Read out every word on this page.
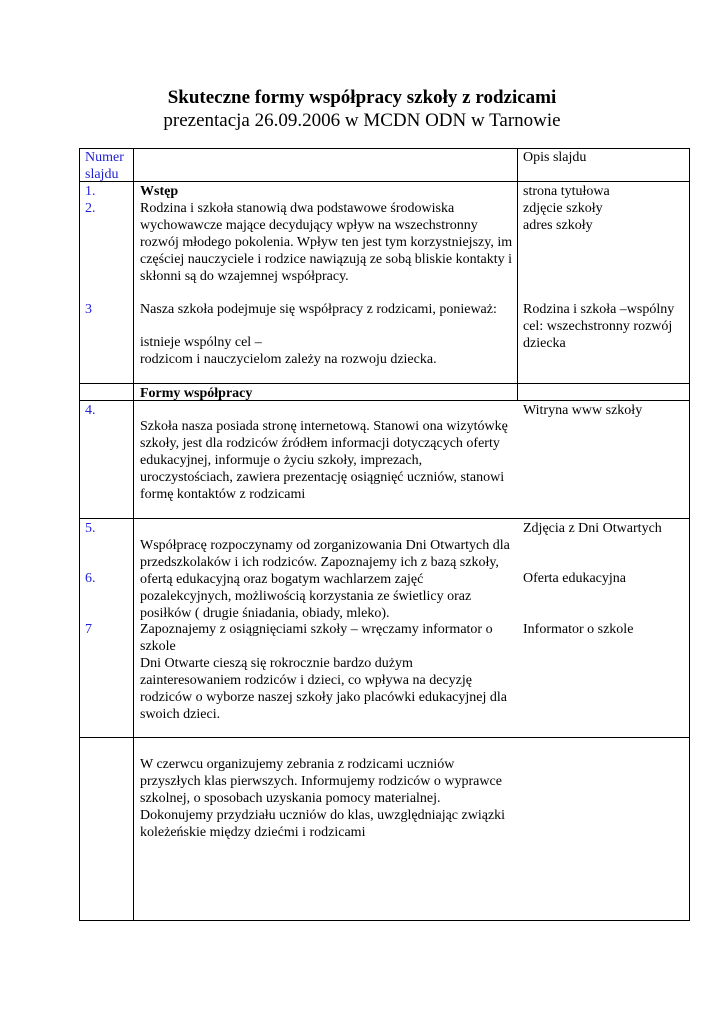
Skuteczne formy współpracy szkoły z rodzicami
prezentacja 26.09.2006 w MCDN ODN w Tarnowie
Numer slajdu
Opis slajdu
1.
2.
3
Wstęp
Rodzina i szkoła stanowią dwa podstawowe środowiska wychowawcze mające decydujący wpływ na wszechstronny rozwój młodego pokolenia. Wpływ ten jest tym korzystniejszy, im częściej nauczyciele i rodzice nawiązują ze sobą bliskie kontakty i skłonni są do wzajemnej współpracy.
Nasza szkoła podejmuje się współpracy z rodzicami, ponieważ:
istnieje wspólny cel –
rodzicom i nauczycielom zależy na rozwoju dziecka.
strona tytułowa
zdjęcie szkoły
adres szkoły
Rodzina i szkoła –wspólny cel: wszechstronny rozwój dziecka
Formy współpracy
4.
Szkoła nasza posiada stronę internetową. Stanowi ona wizytówkę szkoły, jest dla rodziców źródłem informacji dotyczących oferty edukacyjnej, informuje o życiu szkoły, imprezach, uroczystościach, zawiera prezentację osiągnięć uczniów, stanowi formę kontaktów z rodzicami
Witryna www szkoły
5.
6.
7
Współpracę rozpoczynamy od zorganizowania Dni Otwartych dla przedszkolaków i ich rodziców. Zapoznajemy ich z bazą szkoły, ofertą edukacyjną oraz bogatym wachlarzem zajęć pozalekcyjnych, możliwością korzystania ze świetlicy oraz posiłków ( drugie śniadania, obiady, mleko).
Zapoznajemy z osiągnięciami szkoły – wręczamy informator o szkole
Dni Otwarte cieszą się rokrocznie bardzo dużym zainteresowaniem rodziców i dzieci, co wpływa na decyzję rodziców o wyborze naszej szkoły jako placówki edukacyjnej dla swoich dzieci.
Zdjęcia z Dni Otwartych
Oferta edukacyjna
Informator o szkole
W czerwcu organizujemy zebrania z rodzicami uczniów przyszłych klas pierwszych. Informujemy rodziców o wyprawce szkolnej, o sposobach uzyskania pomocy materialnej. Dokonujemy przydziału uczniów do klas, uwzględniając związki koleżeńskie między dziećmi i rodzicami
